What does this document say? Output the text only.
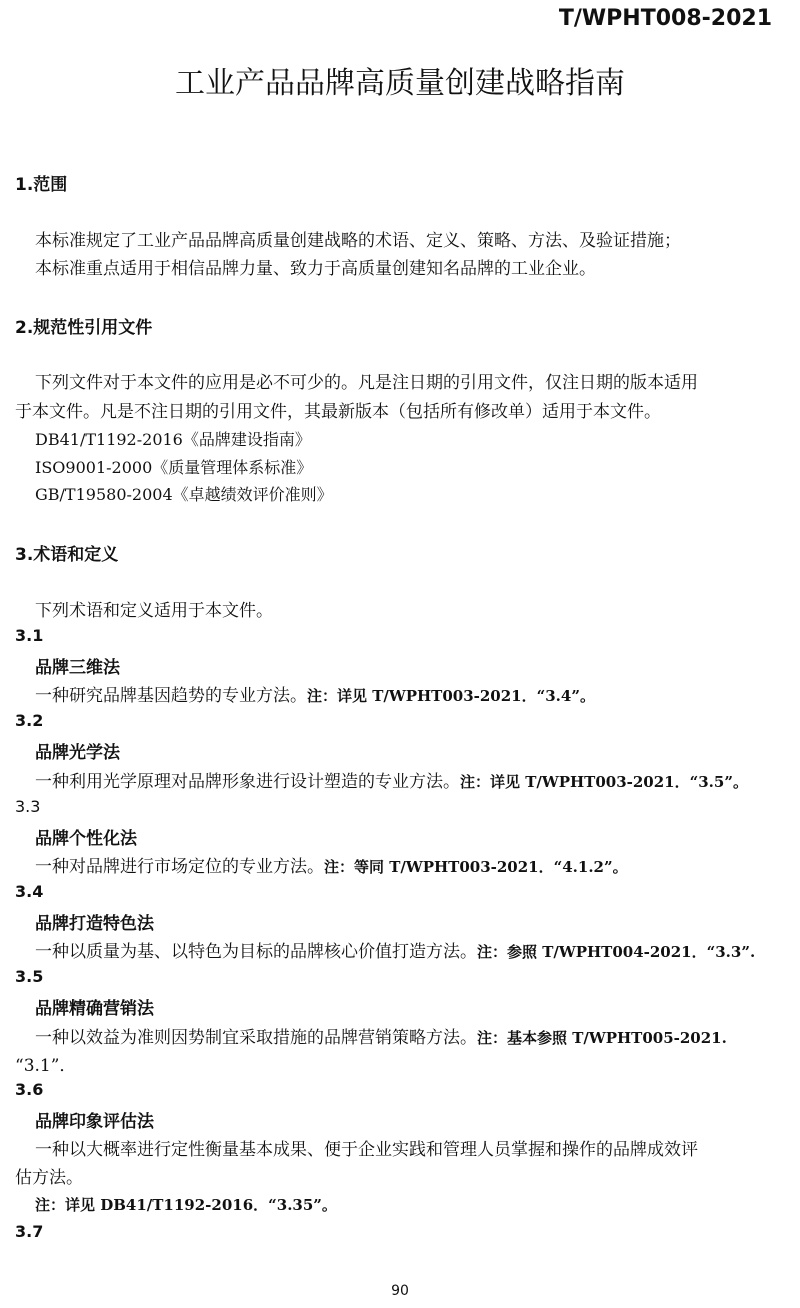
T/WPHT008-2021
工业产品品牌高质量创建战略指南
1.范围
本标准规定了工业产品品牌高质量创建战略的术语、定义、策略、方法、及验证措施；
本标准重点适用于相信品牌力量、致力于高质量创建知名品牌的工业企业。
2.规范性引用文件
下列文件对于本文件的应用是必不可少的。凡是注日期的引用文件，仅注日期的版本适用
于本文件。凡是不注日期的引用文件，其最新版本（包括所有修改单）适用于本文件。
DB41/T1192-2016《品牌建设指南》
ISO9001-2000《质量管理体系标准》
GB/T19580-2004《卓越绩效评价准则》
3.术语和定义
下列术语和定义适用于本文件。
3.1
品牌三维法
一种研究品牌基因趋势的专业方法。注：详见 T/WPHT003-2021．“3.4”。
3.2
品牌光学法
一种利用光学原理对品牌形象进行设计塑造的专业方法。注：详见 T/WPHT003-2021．“3.5”。
3.3
品牌个性化法
一种对品牌进行市场定位的专业方法。注：等同 T/WPHT003-2021．“4.1.2”。
3.4
品牌打造特色法
一种以质量为基、以特色为目标的品牌核心价值打造方法。注：参照 T/WPHT004-2021．“3.3”.
3.5
品牌精确营销法
一种以效益为准则因势制宜采取措施的品牌营销策略方法。注：基本参照 T/WPHT005-2021.
“3.1”．
3.6
品牌印象评估法
一种以大概率进行定性衡量基本成果、便于企业实践和管理人员掌握和操作的品牌成效评
估方法。
注：详见 DB41/T1192-2016．“3.35”。
3.7
90
